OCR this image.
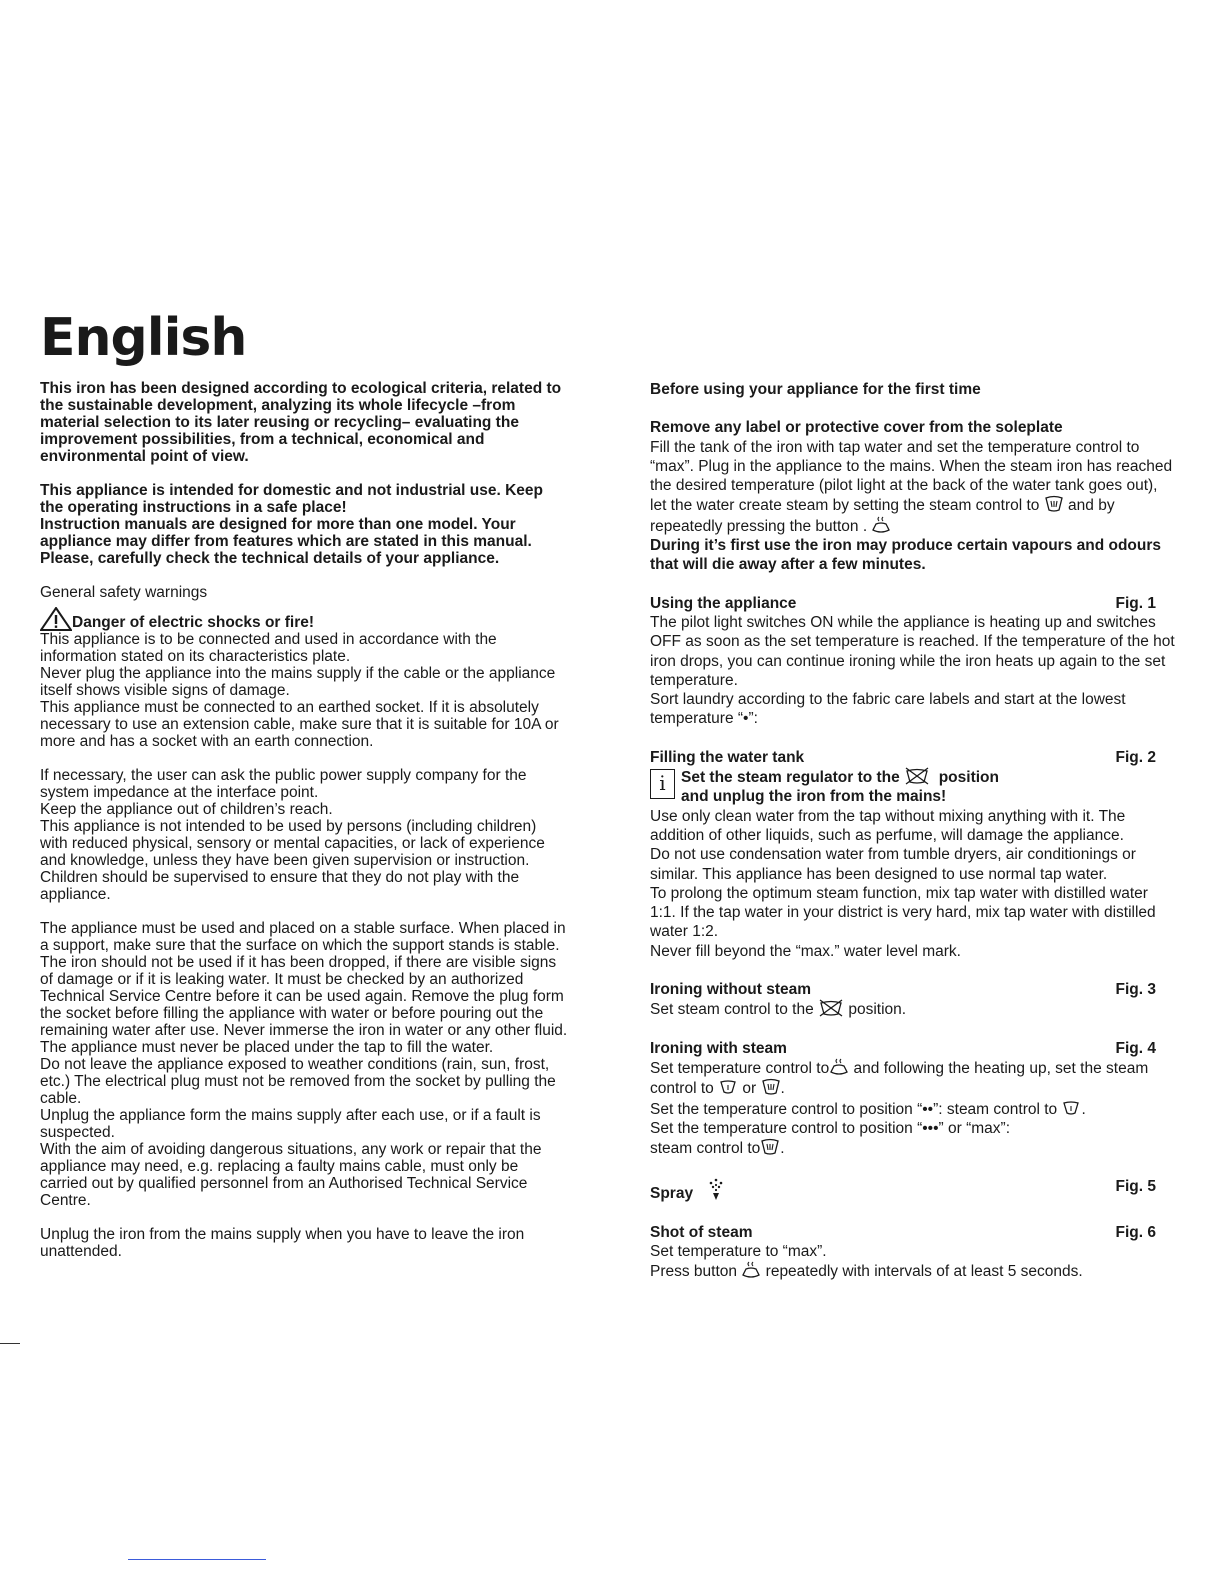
English

This iron has been designed according to ecological criteria, related to the sustainable development, analyzing its whole lifecycle –from material selection to its later reusing or recycling– evaluating the improvement possibilities, from a technical, economical and environmental point of view.

This appliance is intended for domestic and not industrial use. Keep the operating instructions in a safe place!

Instruction manuals are designed for more than one model. Your appliance may differ from features which are stated in this manual. Please, carefully check the technical details of your appliance.

General safety warnings

Danger of electric shocks or fire!

This appliance is to be connected and used in accordance with the information stated on its characteristics plate.

Never plug the appliance into the mains supply if the cable or the appliance itself shows visible signs of damage.

This appliance must be connected to an earthed socket. If it is absolutely necessary to use an extension cable, make sure that it is suitable for 10A or more and has a socket with an earth connection.

If necessary, the user can ask the public power supply company for the system impedance at the interface point.

Keep the appliance out of children’s reach.

This appliance is not intended to be used by persons (including children) with reduced physical, sensory or mental capacities, or lack of experience and knowledge, unless they have been given supervision or instruction.

Children should be supervised to ensure that they do not play with the appliance.

The appliance must be used and placed on a stable surface. When placed in a support, make sure that the surface on which the support stands is stable.

The iron should not be used if it has been dropped, if there are visible signs of damage or if it is leaking water. It must be checked by an authorized Technical Service Centre before it can be used again. Remove the plug form the socket before filling the appliance with water or before pouring out the remaining water after use. Never immerse the iron in water or any other fluid. The appliance must never be placed under the tap to fill the water.

Do not leave the appliance exposed to weather conditions (rain, sun, frost, etc.) The electrical plug must not be removed from the socket by pulling the cable.

Unplug the appliance form the mains supply after each use, or if a fault is suspected.

With the aim of avoiding dangerous situations, any work or repair that the appliance may need, e.g. replacing a faulty mains cable, must only be carried out by qualified personnel from an Authorised Technical Service Centre.

Unplug the iron from the mains supply when you have to leave the iron unattended.

Before using your appliance for the first time

Remove any label or protective cover from the soleplate

Fill the tank of the iron with tap water and set the temperature control to “max”. Plug in the appliance to the mains. When the steam iron has reached the desired temperature (pilot light at the back of the water tank goes out), let the water create steam by setting the steam control to and by repeatedly pressing the button .

During it’s first use the iron may produce certain vapours and odours that will die away after a few minutes.

Using the appliance	Fig. 1

The pilot light switches ON while the appliance is heating up and switches OFF as soon as the set temperature is reached. If the temperature of the hot iron drops, you can continue ironing while the iron heats up again to the set temperature.

Sort laundry according to the fabric care labels and start at the lowest temperature “•”:

Filling the water tank	Fig. 2
i Set the steam regulator to the	position
and unplug the iron from the mains!

Use only clean water from the tap without mixing anything with it. The addition of other liquids, such as perfume, will damage the appliance.

Do not use condensation water from tumble dryers, air conditionings or similar. This appliance has been designed to use normal tap water.

To prolong the optimum steam function, mix tap water with distilled water 1:1. If the tap water in your district is very hard, mix tap water with distilled water 1:2.

Never fill beyond the “max.” water level mark.

Ironing without steam	Fig. 3

Set steam control to the position.

Ironing with steam	Fig. 4

Set temperature control to and following the heating up, set the steam control to or .

Set the temperature control to position “••”: steam control to .

Set the temperature control to position “•••” or “max”:
steam control to .

Spray	Fig. 5
Shot of steam	Fig. 6

Set temperature to “max”.

Press button repeatedly with intervals of at least 5 seconds.
